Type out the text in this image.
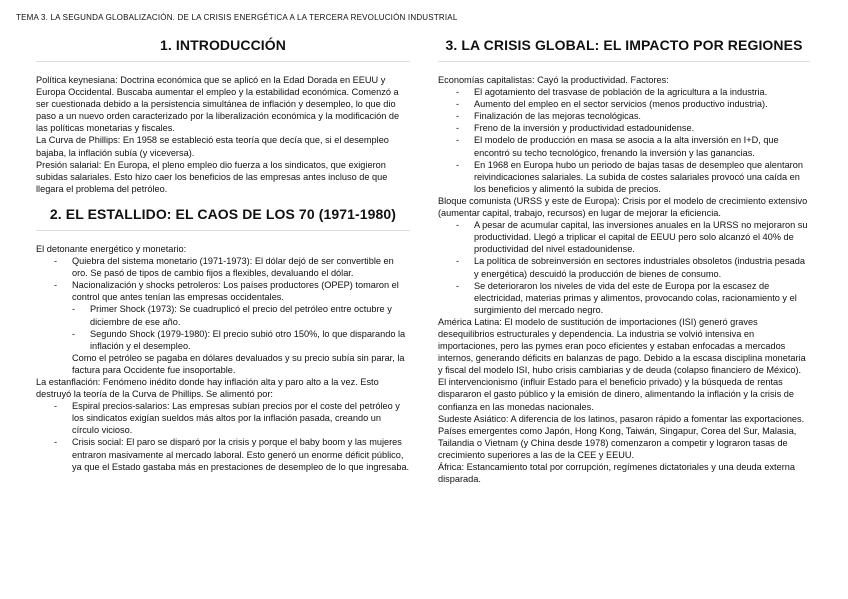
TEMA 3. LA SEGUNDA GLOBALIZACIÓN. DE LA CRISIS ENERGÉTICA A LA TERCERA REVOLUCIÓN INDUSTRIAL
1. INTRODUCCIÓN

Política keynesiana: Doctrina económica que se aplicó en la Edad Dorada en EEUU y Europa Occidental. Buscaba aumentar el empleo y la estabilidad económica. Comenzó a ser cuestionada debido a la persistencia simultánea de inflación y desempleo, lo que dio paso a un nuevo orden caracterizado por la liberalización económica y la modificación de las políticas monetarias y fiscales.

La Curva de Phillips: En 1958 se estableció esta teoría que decía que, si el desempleo bajaba, la inflación subía (y viceversa).

Presión salarial: En Europa, el pleno empleo dio fuerza a los sindicatos, que exigieron subidas salariales. Esto hizo caer los beneficios de las empresas antes incluso de que llegara el problema del petróleo.

2. EL ESTALLIDO: EL CAOS DE LOS 70 (1971-1980)

El detonante energético y monetario:

- Quiebra del sistema monetario (1971-1973): El dólar dejó de ser convertible en oro. Se pasó de tipos de cambio fijos a flexibles, devaluando el dólar.
- Nacionalización y shocks petroleros: Los países productores (OPEP) tomaron el control que antes tenían las empresas occidentales.
- Primer Shock (1973): Se cuadruplicó el precio del petróleo entre octubre y diciembre de ese año.
- Segundo Shock (1979-1980): El precio subió otro 150%, lo que disparando la inflación y el desempleo.

Como el petróleo se pagaba en dólares devaluados y su precio subía sin parar, la factura para Occidente fue insoportable.

La estanflación: Fenómeno inédito donde hay inflación alta y paro alto a la vez. Esto destruyó la teoría de la Curva de Phillips. Se alimentó por:

- Espiral precios-salarios: Las empresas subían precios por el coste del petróleo y los sindicatos exigían sueldos más altos por la inflación pasada, creando un círculo vicioso.
- Crisis social: El paro se disparó por la crisis y porque el baby boom y las mujeres entraron masivamente al mercado laboral. Esto generó un enorme déficit público, ya que el Estado gastaba más en prestaciones de desempleo de lo que ingresaba.
3. LA CRISIS GLOBAL: EL IMPACTO POR REGIONES

Economías capitalistas: Cayó la productividad. Factores:

- El agotamiento del trasvase de población de la agricultura a la industria.
- Aumento del empleo en el sector servicios (menos productivo industria).
- Finalización de las mejoras tecnológicas.
- Freno de la inversión y productividad estadounidense.
- El modelo de producción en masa se asocia a la alta inversión en I+D, que encontró su techo tecnológico, frenando la inversión y las ganancias.
- En 1968 en Europa hubo un periodo de bajas tasas de desempleo que alentaron reivindicaciones salariales. La subida de costes salariales provocó una caída en los beneficios y alimentó la subida de precios.

Bloque comunista (URSS y este de Europa): Crisis por el modelo de crecimiento extensivo (aumentar capital, trabajo, recursos) en lugar de mejorar la eficiencia.

- A pesar de acumular capital, las inversiones anuales en la URSS no mejoraron su productividad. Llegó a triplicar el capital de EEUU pero solo alcanzó el 40% de productividad del nivel estadounidense.
- La política de sobreinversión en sectores industriales obsoletos (industria pesada y energética) descuidó la producción de bienes de consumo.
- Se deterioraron los niveles de vida del este de Europa por la escasez de electricidad, materias primas y alimentos, provocando colas, racionamiento y el surgimiento del mercado negro.

América Latina: El modelo de sustitución de importaciones (ISI) generó graves desequilibrios estructurales y dependencia. La industria se volvió intensiva en importaciones, pero las pymes eran poco eficientes y estaban enfocadas a mercados internos, generando déficits en balanzas de pago. Debido a la escasa disciplina monetaria y fiscal del modelo ISI, hubo crisis cambiarias y de deuda (colapso financiero de México). El intervencionismo (influir Estado para el beneficio privado) y la búsqueda de rentas dispararon el gasto público y la emisión de dinero, alimentando la inflación y la crisis de confianza en las monedas nacionales.

Sudeste Asiático: A diferencia de los latinos, pasaron rápido a fomentar las exportaciones. Países emergentes como Japón, Hong Kong, Taiwán, Singapur, Corea del Sur, Malasia, Tailandia o Vietnam (y China desde 1978) comenzaron a competir y lograron tasas de crecimiento superiores a las de la CEE y EEUU.

África: Estancamiento total por corrupción, regímenes dictatoriales y una deuda externa disparada.
